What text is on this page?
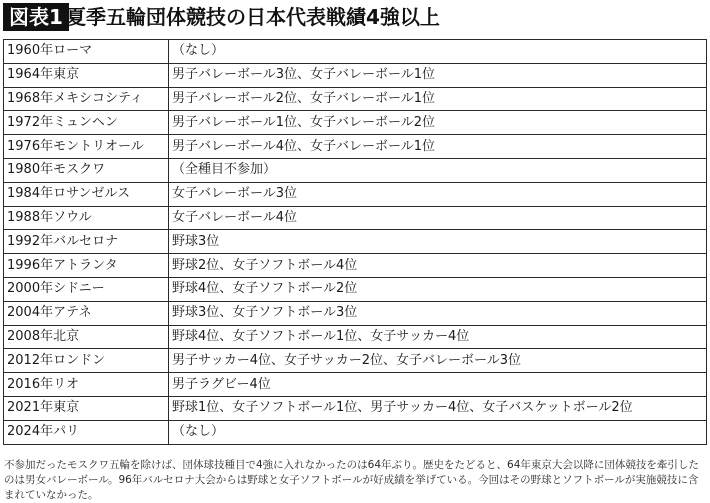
図表1 夏季五輪団体競技の日本代表戦績4強以上
1960年ローマ	（なし）
1964年東京	男子バレーボール3位、女子バレーボール1位
1968年メキシコシティ	男子バレーボール2位、女子バレーボール1位
1972年ミュンヘン	男子バレーボール1位、女子バレーボール2位
1976年モントリオール	男子バレーボール4位、女子バレーボール1位
1980年モスクワ	（全種目不参加）
1984年ロサンゼルス	女子バレーボール3位
1988年ソウル	女子バレーボール4位
1992年バルセロナ	野球3位
1996年アトランタ	野球2位、女子ソフトボール4位
2000年シドニー	野球4位、女子ソフトボール2位
2004年アテネ	野球3位、女子ソフトボール3位
2008年北京	野球4位、女子ソフトボール1位、女子サッカー4位
2012年ロンドン	男子サッカー4位、女子サッカー2位、女子バレーボール3位
2016年リオ	男子ラグビー4位
2021年東京	野球1位、女子ソフトボール1位、男子サッカー4位、女子バスケットボール2位
2024年パリ	（なし）
不参加だったモスクワ五輪を除けば、団体球技種目で4強に入れなかったのは64年ぶり。歴史をたどると、64年東京大会以降に団体競技を牽引したのは男女バレーボール。96年バルセロナ大会からは野球と女子ソフトボールが好成績を挙げている。今回はその野球とソフトボールが実施競技に含まれていなかった。
